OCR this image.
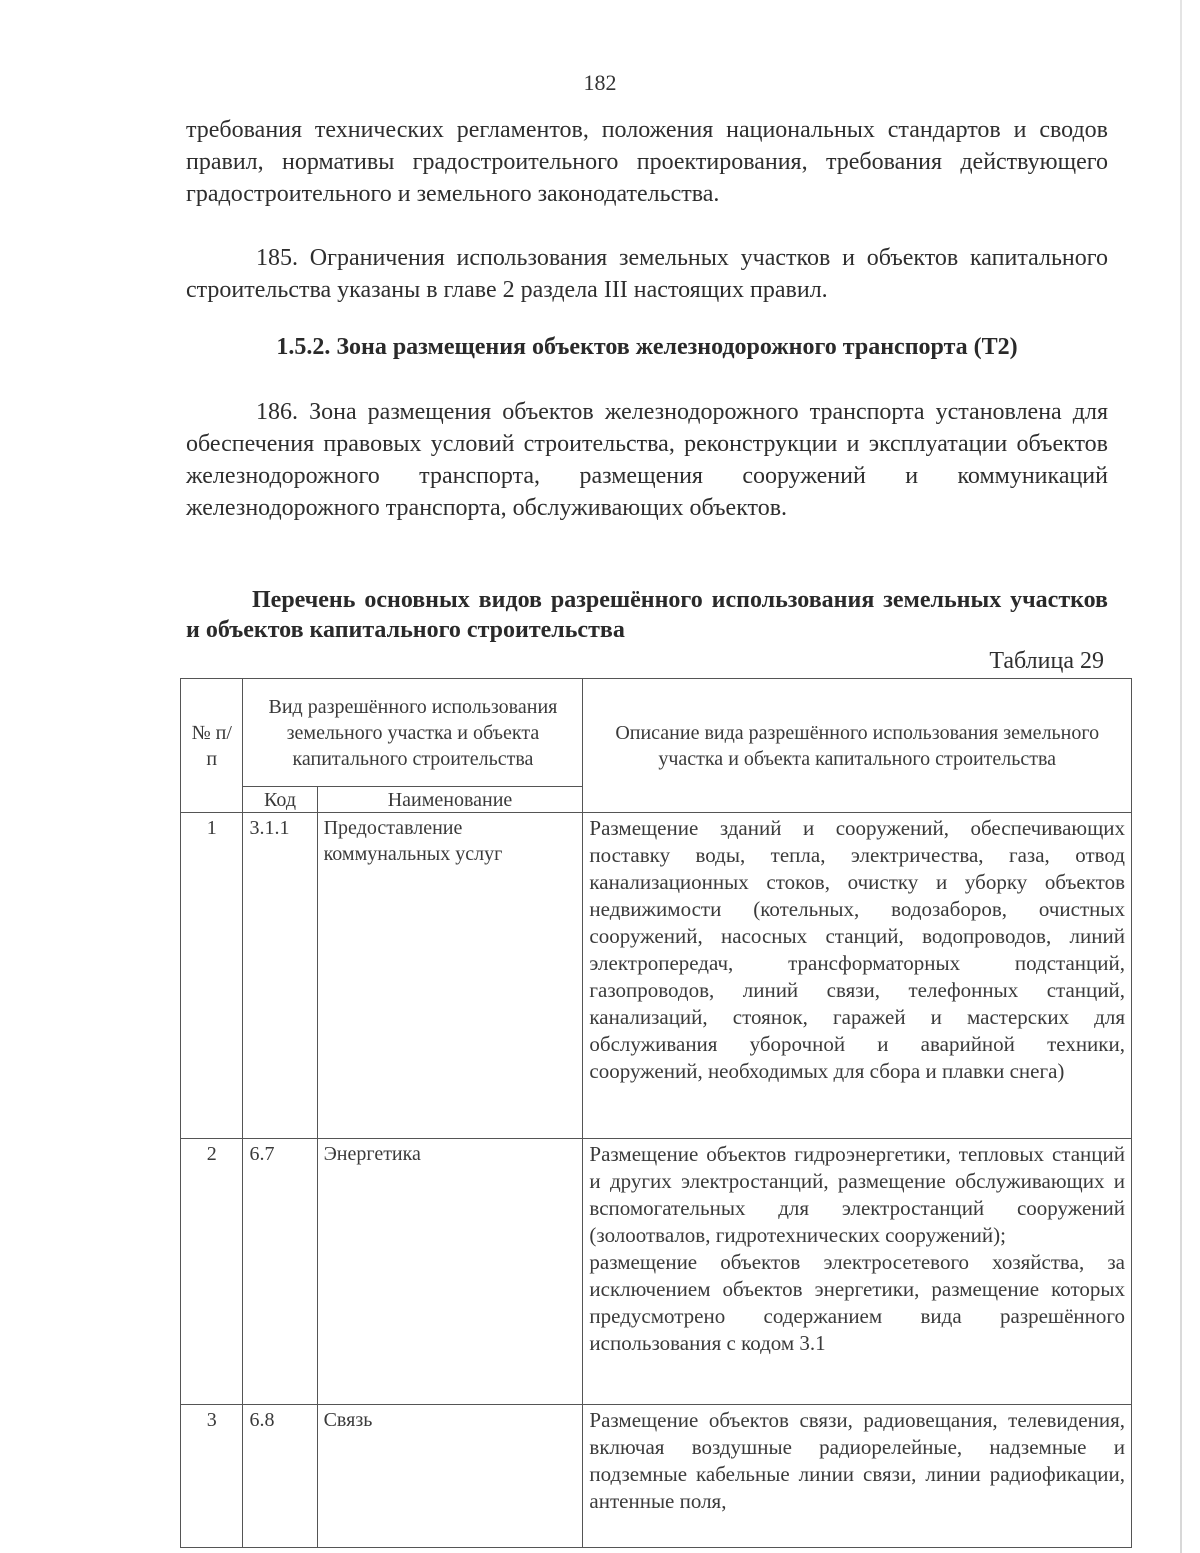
182
требования технических регламентов, положения национальных стандартов и сводов правил, нормативы градостроительного проектирования, требования действующего градостроительного и земельного законодательства.
185. Ограничения использования земельных участков и объектов капитального строительства указаны в главе 2 раздела III настоящих правил.
1.5.2. Зона размещения объектов железнодорожного транспорта (Т2)
186. Зона размещения объектов железнодорожного транспорта установлена для обеспечения правовых условий строительства, реконструкции и эксплуатации объектов железнодорожного транспорта, размещения сооружений и коммуникаций железнодорожного транспорта, обслуживающих объектов.
Перечень основных видов разрешённого использования земельных участков и объектов капитального строительства
Таблица 29
№ п/п	Вид разрешённого использования земельного участка и объекта капитального строительства		Описание вида разрешённого использования земельного участка и объекта капитального строительства
	Код	Наименование	
1	3.1.1	Предоставление коммунальных услуг	Размещение зданий и сооружений, обеспечивающих поставку воды, тепла, электричества, газа, отвод канализационных стоков, очистку и уборку объектов недвижимости (котельных, водозаборов, очистных сооружений, насосных станций, водопроводов, линий электропередач, трансформаторных подстанций, газопроводов, линий связи, телефонных станций, канализаций, стоянок, гаражей и мастерских для обслуживания уборочной и аварийной техники, сооружений, необходимых для сбора и плавки снега)
2	6.7	Энергетика	Размещение объектов гидроэнергетики, тепловых станций и других электростанций, размещение обслуживающих и вспомогательных для электростанций сооружений (золоотвалов, гидротехнических сооружений);
размещение объектов электросетевого хозяйства, за исключением объектов энергетики, размещение которых предусмотрено содержанием вида разрешённого использования с кодом 3.1

3	6.8	Связь	Размещение объектов связи, радиовещания, телевидения, включая воздушные радиорелейные, надземные и подземные кабельные линии связи, линии радиофикации, антенные поля,
